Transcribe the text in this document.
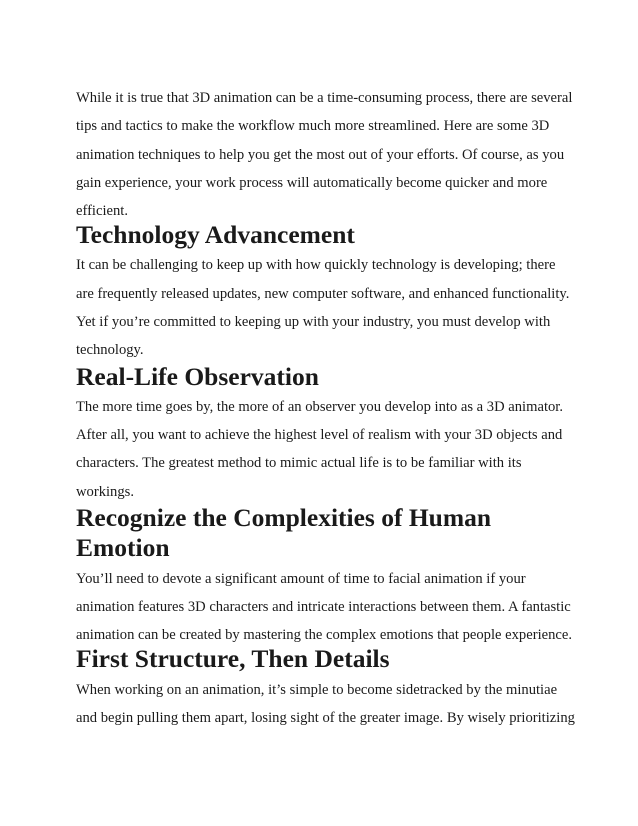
While it is true that 3D animation can be a time-consuming process, there are several tips and tactics to make the workflow much more streamlined. Here are some 3D animation techniques to help you get the most out of your efforts. Of course, as you gain experience, your work process will automatically become quicker and more efficient.

Technology Advancement

It can be challenging to keep up with how quickly technology is developing; there are frequently released updates, new computer software, and enhanced functionality. Yet if you’re committed to keeping up with your industry, you must develop with technology.

Real-Life Observation

The more time goes by, the more of an observer you develop into as a 3D animator. After all, you want to achieve the highest level of realism with your 3D objects and characters. The greatest method to mimic actual life is to be familiar with its workings.

Recognize the Complexities of Human Emotion

You’ll need to devote a significant amount of time to facial animation if your animation features 3D characters and intricate interactions between them. A fantastic animation can be created by mastering the complex emotions that people experience.

First Structure, Then Details

When working on an animation, it’s simple to become sidetracked by the minutiae and begin pulling them apart, losing sight of the greater image. By wisely prioritizing
